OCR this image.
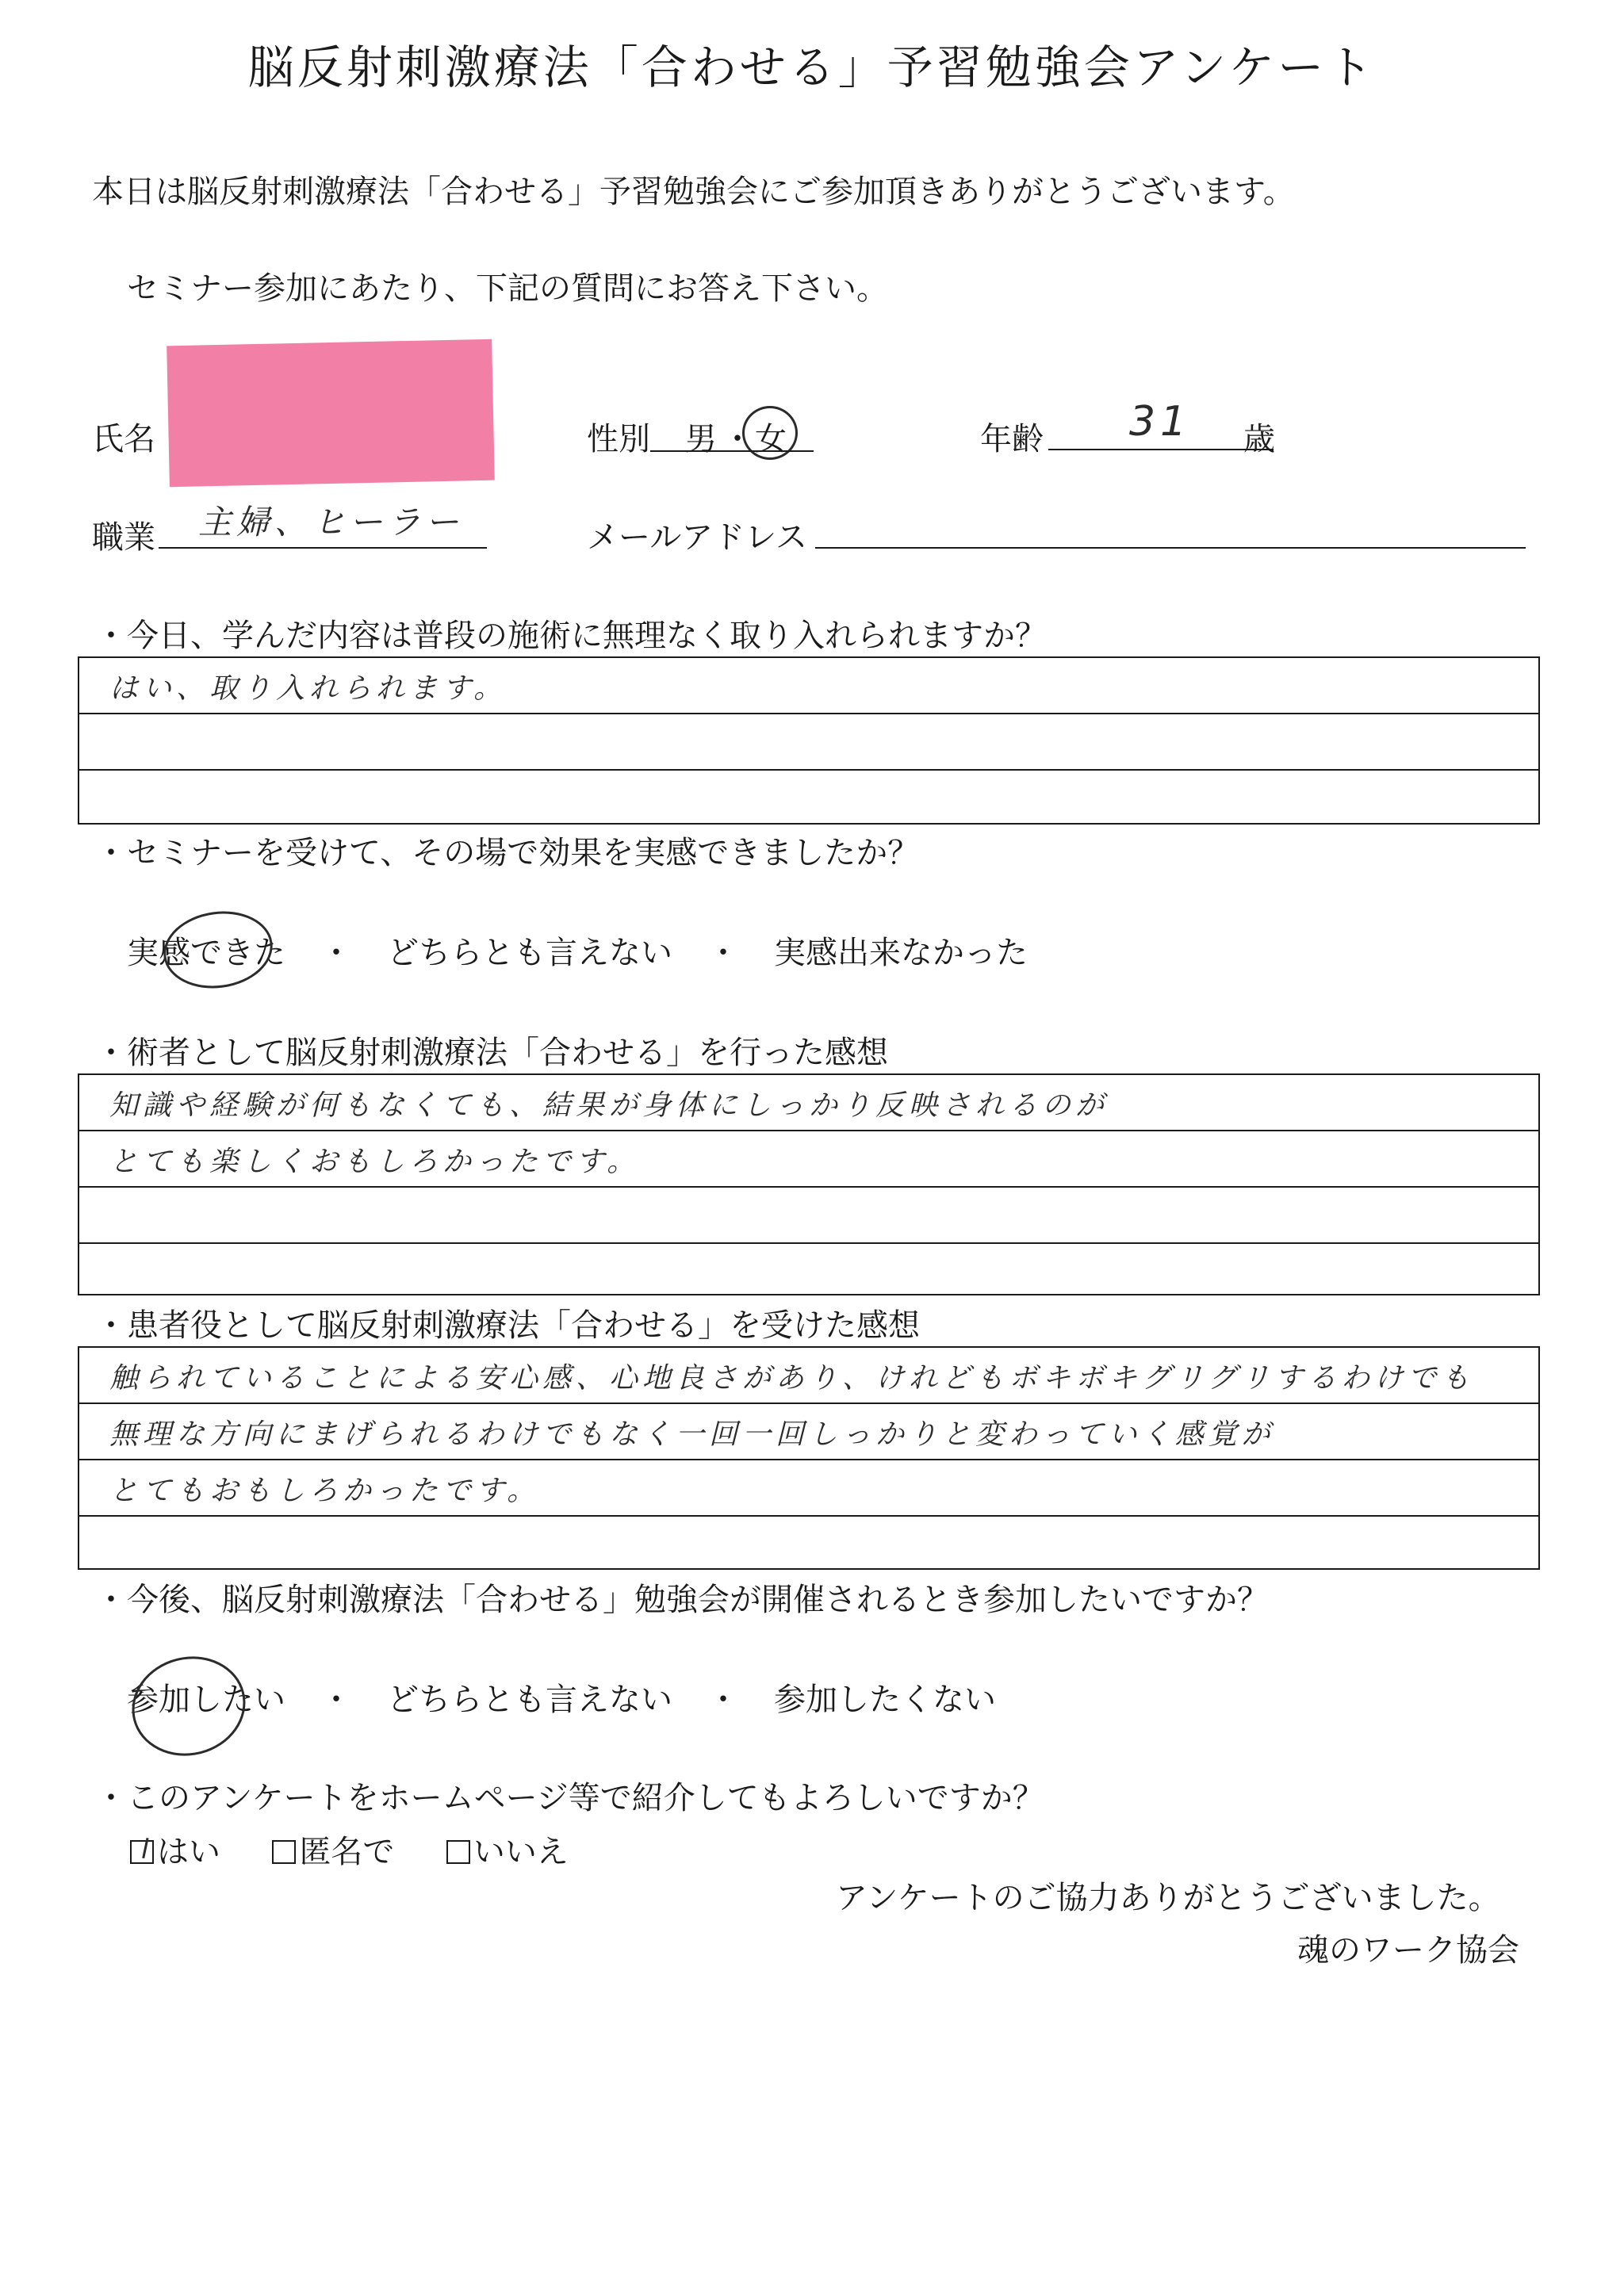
脳反射刺激療法「合わせる」予習勉強会アンケート
本日は脳反射刺激療法「合わせる」予習勉強会にご参加頂きありがとうございます。
セミナー参加にあたり、下記の質問にお答え下さい。
氏名	性別 男 ・ 女	年齢 31 歳
職業 主婦、ヒーラー	メールアドレス
・今日、学んだ内容は普段の施術に無理なく取り入れられますか？
はい、取り入れられます。
・セミナーを受けて、その場で効果を実感できましたか？
実感できた ・ どちらとも言えない ・ 実感出来なかった
・術者として脳反射刺激療法「合わせる」を行った感想
知識や経験が何もなくても、結果が身体にしっかり反映されるのが
とても楽しくおもしろかったです。
・患者役として脳反射刺激療法「合わせる」を受けた感想
触られていることによる安心感、心地良さがあり、けれどもボキボキグリグリするわけでも
無理な方向にまげられるわけでもなく一回一回しっかりと変わっていく感覚が
とてもおもしろかったです。
・今後、脳反射刺激療法「合わせる」勉強会が開催されるとき参加したいですか？
参加したい ・ どちらとも言えない ・ 参加したくない
・このアンケートをホームページ等で紹介してもよろしいですか？
はい 匿名で いいえ
アンケートのご協力ありがとうございました。
魂のワーク協会
